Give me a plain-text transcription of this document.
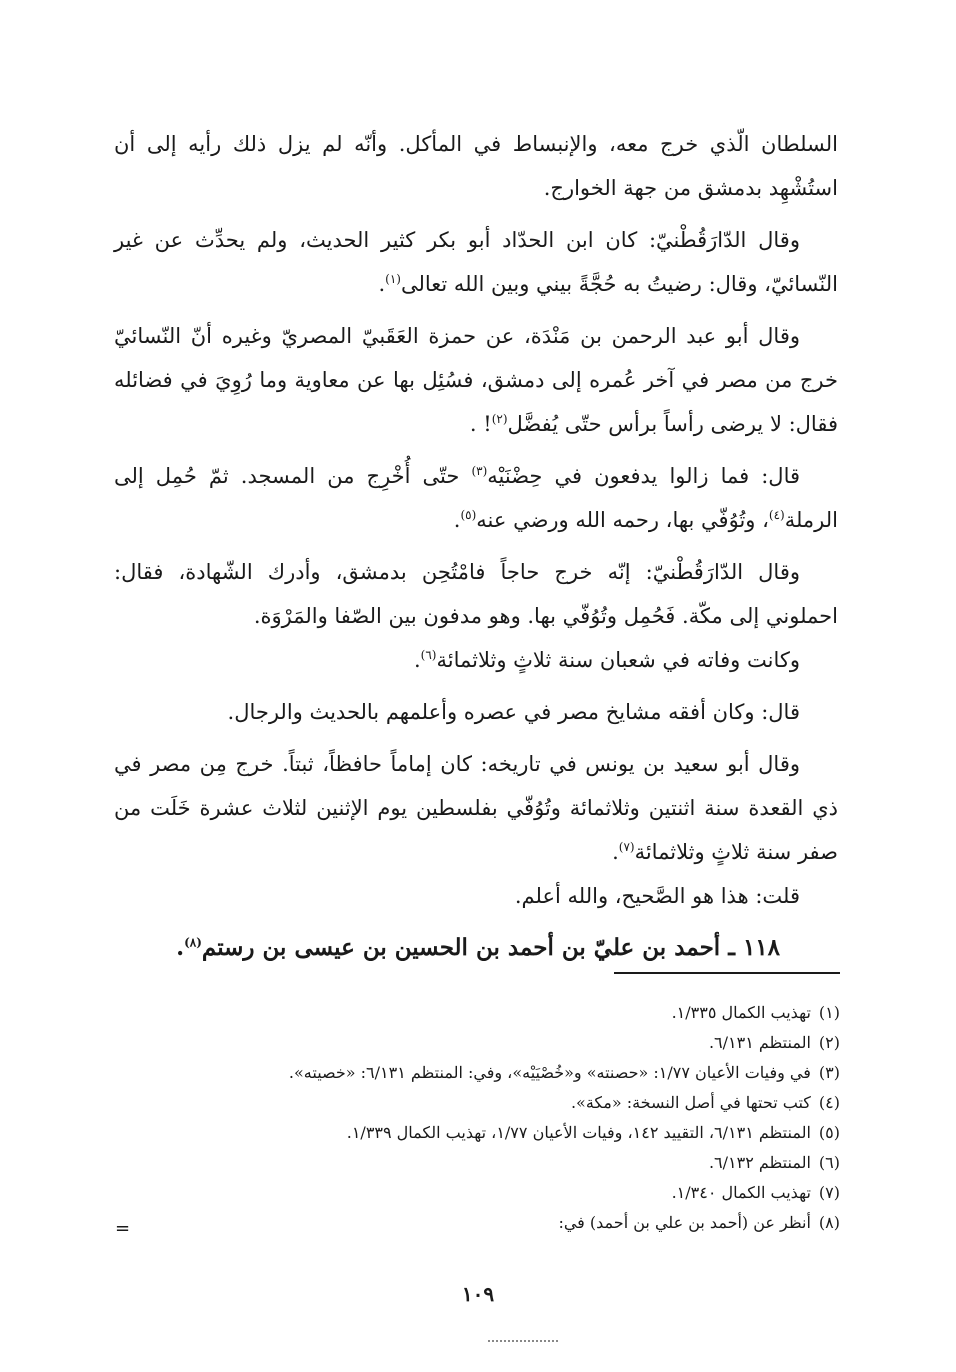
السلطان الّذي خرج معه، والإنبساط في المأكل. وأنّه لم يزل ذلك رأيه إلى أن استُشْهِد بدمشق من جهة الخوارج.

وقال الدّارَقُطْنيّ: كان ابن الحدّاد أبو بكر كثير الحديث، ولم يحدِّث عن غير النّسائيّ، وقال: رضيتُ به حُجَّةً بيني وبين الله تعالى$^{(١)}$.

وقال أبو عبد الرحمن بن مَنْدَة، عن حمزة العَقَبيّ المصريّ وغيره أنّ النّسائيّ خرج من مصر في آخر عُمره إلى دمشق، فسُئِل بها عن معاوية وما رُوِيَ في فضائله فقال: لا يرضى رأساً برأس حتّى يُفضَّل$^{(٢)}$! .

قال: فما زالوا يدفعون في حِضْنَيْه$^{(٣)}$ حتّى أُخْرِج من المسجد. ثمّ حُمِل إلى الرملة$^{(٤)}$، وتُوُفّي بها، رحمه الله ورضي عنه$^{(٥)}$.

وقال الدّارَقُطْنيّ: إنّه خرج حاجاً فامْتُحِن بدمشق، وأدرك الشّهادة، فقال: احملوني إلى مكّة. فَحُمِل وتُوُفّي بها. وهو مدفون بين الصّفا والمَرْوَة.

وكانت وفاته في شعبان سنة ثلاثٍ وثلاثمائة$^{(٦)}$.

قال: وكان أفقه مشايخ مصر في عصره وأعلمهم بالحديث والرجال.

وقال أبو سعيد بن يونس في تاريخه: كان إماماً حافظاً، ثبتاً. خرج مِن مصر في ذي القعدة سنة اثنتين وثلاثمائة وتُوُفّي بفلسطين يوم الإثنين لثلاث عشرة خَلَت من صفر سنة ثلاثٍ وثلاثمائة$^{(٧)}$.

قلت: هذا هو الصَّحيح، والله أعلم.

١١٨ ـ أحمد بن عليّ بن أحمد بن الحسين بن عيسى بن رستم$^{(٨)}$.

(١)
تهذيب الكمال ١/٣٣٥.
(٢)
المنتظم ٦/١٣١.
(٣)
في وفيات الأعيان ١/٧٧: «حصنته» و«خُصْيَيْه»، وفي: المنتظم ٦/١٣١: «خصيته».
(٤)
كتب تحتها في أصل النسخة: «مكة».
(٥)
المنتظم ٦/١٣١، التقييد ١٤٢، وفيات الأعيان ١/٧٧، تهذيب الكمال ١/٣٣٩.
(٦)
المنتظم ٦/١٣٢.
(٧)
تهذيب الكمال ١/٣٤٠.
(٨)
أنظر عن (أحمد بن علي بن أحمد) في:
=
١٠٩
